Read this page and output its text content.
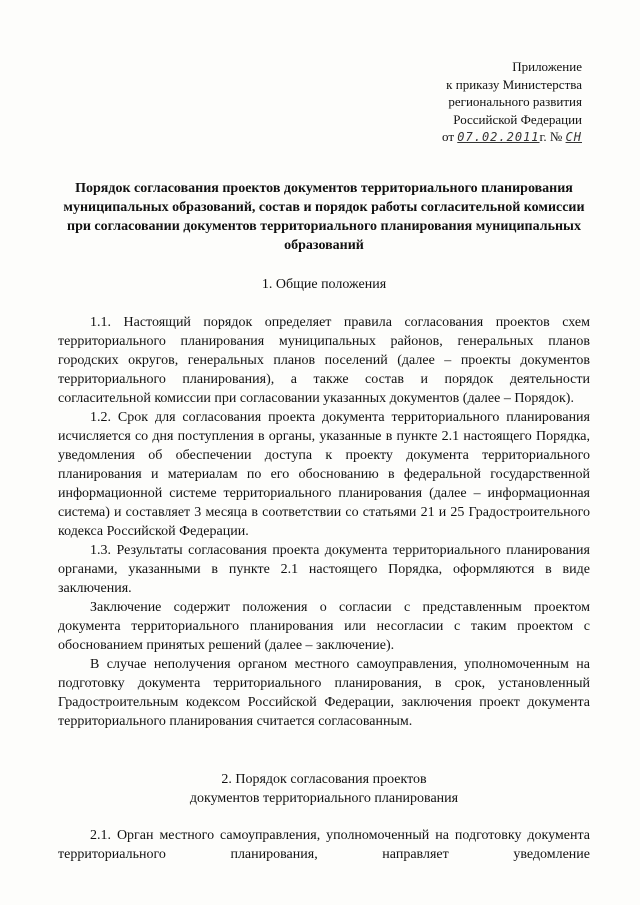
Приложение
к приказу Министерства
регионального развития
Российской Федерации
от 07.02.2011г. № СН
Порядок согласования проектов документов территориального планирования муниципальных образований, состав и порядок работы согласительной комиссии при согласовании документов территориального планирования муниципальных образований
1. Общие положения

1.1. Настоящий порядок определяет правила согласования проектов схем территориального планирования муниципальных районов, генеральных планов городских округов, генеральных планов поселений (далее – проекты документов территориального планирования), а также состав и порядок деятельности согласительной комиссии при согласовании указанных документов (далее – Порядок).

1.2. Срок для согласования проекта документа территориального планирования исчисляется со дня поступления в органы, указанные в пункте 2.1 настоящего Порядка, уведомления об обеспечении доступа к проекту документа территориального планирования и материалам по его обоснованию в федеральной государственной информационной системе территориального планирования (далее – информационная система) и составляет 3 месяца в соответствии со статьями 21 и 25 Градостроительного кодекса Российской Федерации.

1.3. Результаты согласования проекта документа территориального планирования органами, указанными в пункте 2.1 настоящего Порядка, оформляются в виде заключения.

Заключение содержит положения о согласии с представленным проектом документа территориального планирования или несогласии с таким проектом с обоснованием принятых решений (далее – заключение).

В случае неполучения органом местного самоуправления, уполномоченным на подготовку документа территориального планирования, в срок, установленный Градостроительным кодексом Российской Федерации, заключения проект документа территориального планирования считается согласованным.

2. Порядок согласования проектов
документов территориального планирования

2.1. Орган местного самоуправления, уполномоченный на подготовку документа территориального планирования, направляет уведомление
